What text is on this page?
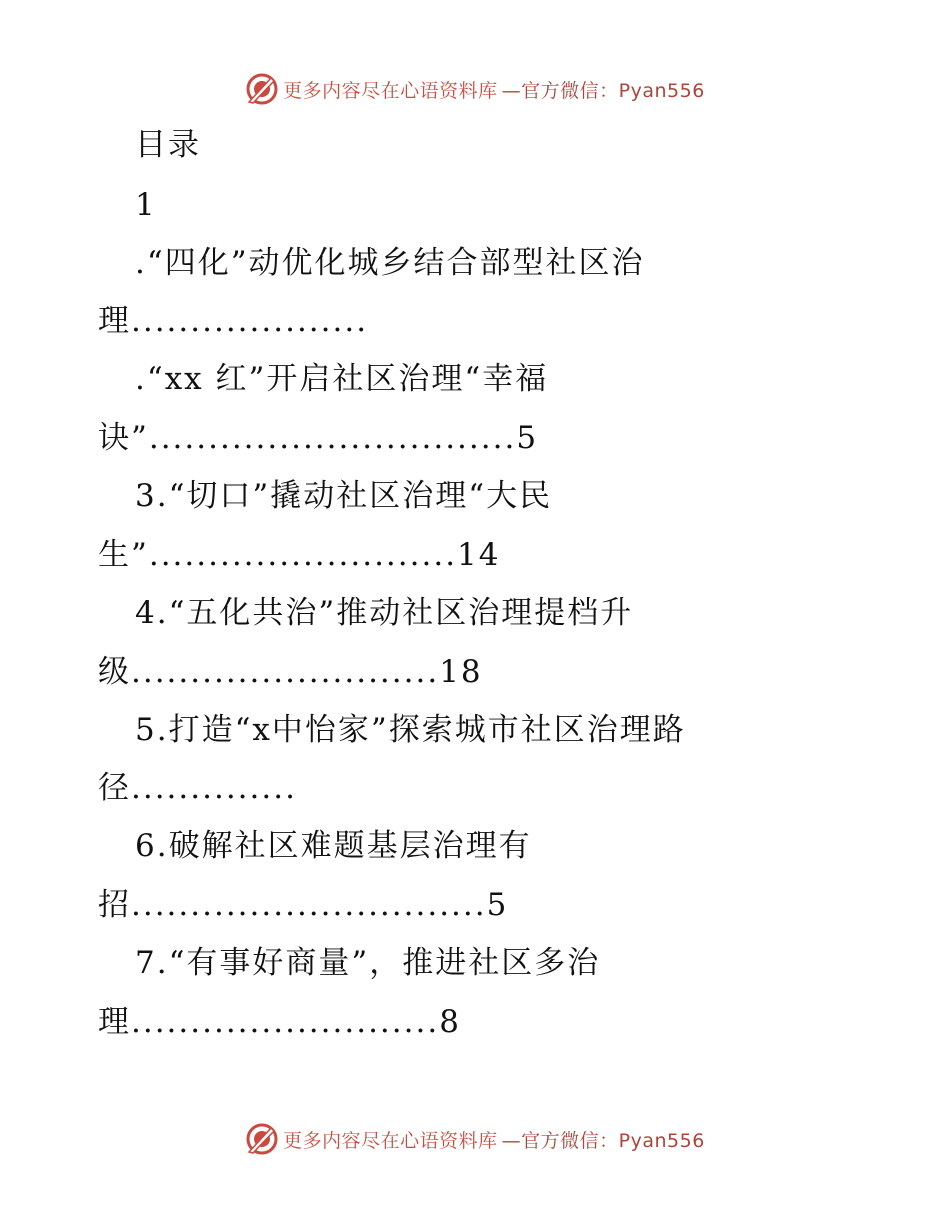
更多内容尽在心语资料库 —官方微信：Pyan556
目录
1
.“四化”动优化城乡结合部型社区治
理....................
.“xx 红”开启社区治理“幸福
诀”...............................5
3.“切口”撬动社区治理“大民
生”..........................14
4.“五化共治”推动社区治理提档升
级..........................18
5.打造“x中怡家”探索城市社区治理路
径..............
6.破解社区难题基层治理有
招..............................5
7.“有事好商量”，推进社区多治
理..........................8
更多内容尽在心语资料库 —官方微信：Pyan556
